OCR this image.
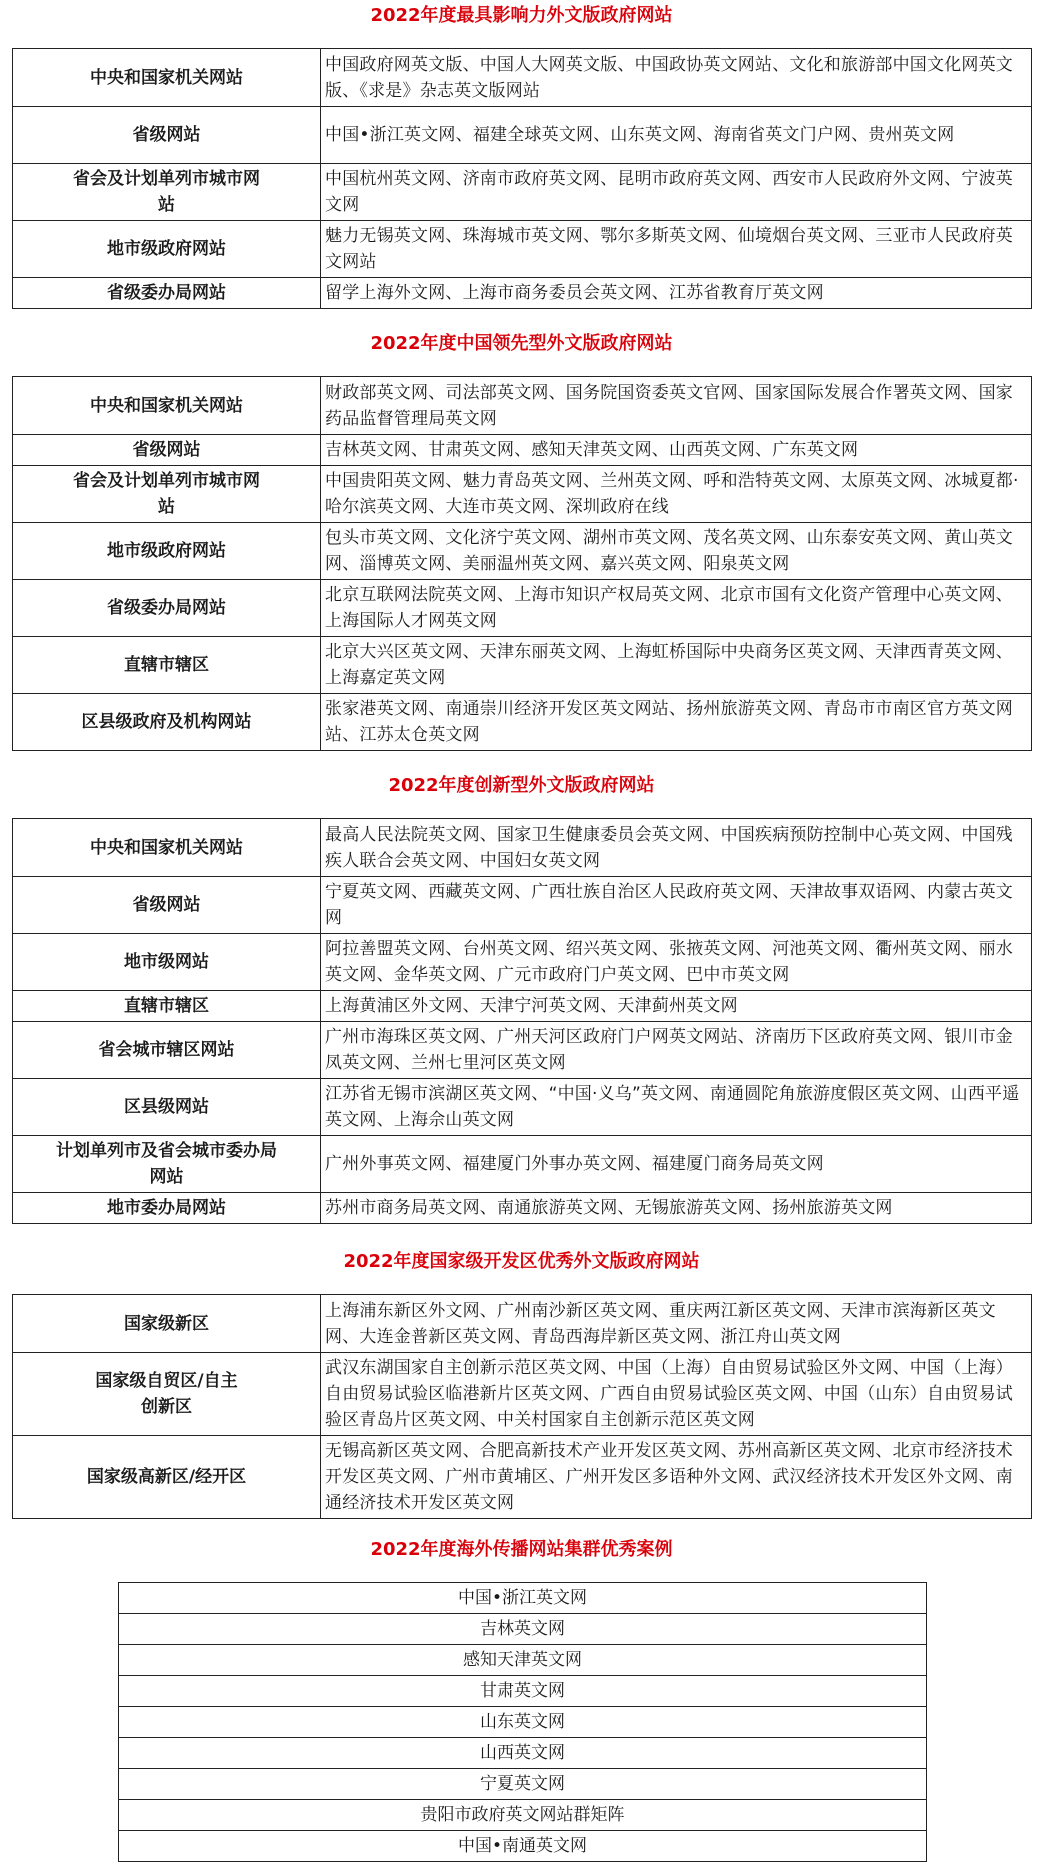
2022年度最具影响力外文版政府网站
中央和国家机关网站	中国政府网英文版、中国人大网英文版、中国政协英文网站、文化和旅游部中国文化网英文版、《求是》杂志英文版网站
省级网站	中国•浙江英文网、福建全球英文网、山东英文网、海南省英文门户网、贵州英文网
省会及计划单列市城市网站	中国杭州英文网、济南市政府英文网、昆明市政府英文网、西安市人民政府外文网、宁波英文网
地市级政府网站	魅力无锡英文网、珠海城市英文网、鄂尔多斯英文网、仙境烟台英文网、三亚市人民政府英文网站
省级委办局网站	留学上海外文网、上海市商务委员会英文网、江苏省教育厅英文网
2022年度中国领先型外文版政府网站
中央和国家机关网站	财政部英文网、司法部英文网、国务院国资委英文官网、国家国际发展合作署英文网、国家药品监督管理局英文网
省级网站	吉林英文网、甘肃英文网、感知天津英文网、山西英文网、广东英文网
省会及计划单列市城市网站	中国贵阳英文网、魅力青岛英文网、兰州英文网、呼和浩特英文网、太原英文网、冰城夏都·哈尔滨英文网、大连市英文网、深圳政府在线
地市级政府网站	包头市英文网、文化济宁英文网、湖州市英文网、茂名英文网、山东泰安英文网、黄山英文网、淄博英文网、美丽温州英文网、嘉兴英文网、阳泉英文网
省级委办局网站	北京互联网法院英文网、上海市知识产权局英文网、北京市国有文化资产管理中心英文网、上海国际人才网英文网
直辖市辖区	北京大兴区英文网、天津东丽英文网、上海虹桥国际中央商务区英文网、天津西青英文网、上海嘉定英文网
区县级政府及机构网站	张家港英文网、南通崇川经济开发区英文网站、扬州旅游英文网、青岛市市南区官方英文网站、江苏太仓英文网
2022年度创新型外文版政府网站
中央和国家机关网站	最高人民法院英文网、国家卫生健康委员会英文网、中国疾病预防控制中心英文网、中国残疾人联合会英文网、中国妇女英文网
省级网站	宁夏英文网、西藏英文网、广西壮族自治区人民政府英文网、天津故事双语网、内蒙古英文网
地市级网站	阿拉善盟英文网、台州英文网、绍兴英文网、张掖英文网、河池英文网、衢州英文网、丽水英文网、金华英文网、广元市政府门户英文网、巴中市英文网
直辖市辖区	上海黄浦区外文网、天津宁河英文网、天津蓟州英文网
省会城市辖区网站	广州市海珠区英文网、广州天河区政府门户网英文网站、济南历下区政府英文网、银川市金凤英文网、兰州七里河区英文网
区县级网站	江苏省无锡市滨湖区英文网、“中国·义乌”英文网、南通圆陀角旅游度假区英文网、山西平遥英文网、上海佘山英文网
计划单列市及省会城市委办局网站	广州外事英文网、福建厦门外事办英文网、福建厦门商务局英文网
地市委办局网站	苏州市商务局英文网、南通旅游英文网、无锡旅游英文网、扬州旅游英文网
2022年度国家级开发区优秀外文版政府网站
国家级新区	上海浦东新区外文网、广州南沙新区英文网、重庆两江新区英文网、天津市滨海新区英文网、大连金普新区英文网、青岛西海岸新区英文网、浙江舟山英文网
国家级自贸区/自主创新区	武汉东湖国家自主创新示范区英文网、中国（上海）自由贸易试验区外文网、中国（上海）自由贸易试验区临港新片区英文网、广西自由贸易试验区英文网、中国（山东）自由贸易试验区青岛片区英文网、中关村国家自主创新示范区英文网
国家级高新区/经开区	无锡高新区英文网、合肥高新技术产业开发区英文网、苏州高新区英文网、北京市经济技术开发区英文网、广州市黄埔区、广州开发区多语种外文网、武汉经济技术开发区外文网、南通经济技术开发区英文网
2022年度海外传播网站集群优秀案例
中国•浙江英文网
吉林英文网
感知天津英文网
甘肃英文网
山东英文网
山西英文网
宁夏英文网
贵阳市政府英文网站群矩阵
中国•南通英文网
